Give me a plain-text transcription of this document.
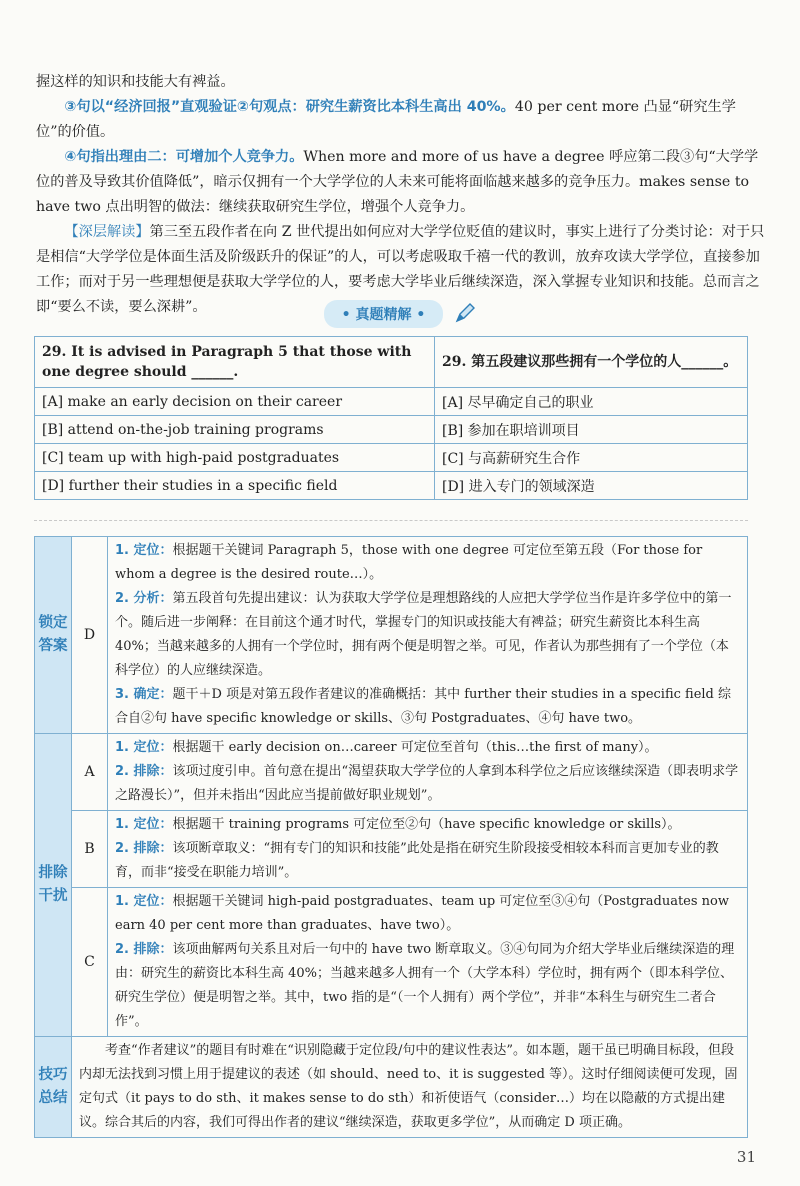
握这样的知识和技能大有裨益。

③句以“经济回报”直观验证②句观点：研究生薪资比本科生高出 40%。40 per cent more 凸显“研究生学位”的价值。

④句指出理由二：可增加个人竞争力。When more and more of us have a degree 呼应第二段③句“大学学位的普及导致其价值降低”，暗示仅拥有一个大学学位的人未来可能将面临越来越多的竞争压力。makes sense to have two 点出明智的做法：继续获取研究生学位，增强个人竞争力。

【深层解读】第三至五段作者在向 Z 世代提出如何应对大学学位贬值的建议时，事实上进行了分类讨论：对于只是相信“大学学位是体面生活及阶级跃升的保证”的人，可以考虑吸取千禧一代的教训，放弃攻读大学学位，直接参加工作；而对于另一些理想便是获取大学学位的人，要考虑大学毕业后继续深造，深入掌握专业知识和技能。总而言之即“要么不读，要么深耕”。	• 真题精解 •
29. It is advised in Paragraph 5 that those with one degree should ______.	29. 第五段建议那些拥有一个学位的人______。
[A] make an early decision on their career	[A] 尽早确定自己的职业
[B] attend on-the-job training programs	[B] 参加在职培训项目
[C] team up with high-paid postgraduates	[C] 与高薪研究生合作
[D] further their studies in a specific field	[D] 进入专门的领域深造
锁定答案	D	1. 定位：根据题干关键词 Paragraph 5，those with one degree 可定位至第五段（For those for whom a degree is the desired route…）。

2. 分析：第五段首句先提出建议：认为获取大学学位是理想路线的人应把大学学位当作是许多学位中的第一个。随后进一步阐释：在目前这个通才时代，掌握专门的知识或技能大有裨益；研究生薪资比本科生高 40%；当越来越多的人拥有一个学位时，拥有两个便是明智之举。可见，作者认为那些拥有了一个学位（本科学位）的人应继续深造。

3. 确定：题干＋D 项是对第五段作者建议的准确概括：其中 further their studies in a specific field 综合自②句 have specific knowledge or skills、③句 Postgraduates、④句 have two。

排除干扰	A	1. 定位：根据题干 early decision on…career 可定位至首句（this…the first of many）。

2. 排除：该项过度引申。首句意在提出“渴望获取大学学位的人拿到本科学位之后应该继续深造（即表明求学之路漫长）”，但并未指出“因此应当提前做好职业规划”。

	B	1. 定位：根据题干 training programs 可定位至②句（have specific knowledge or skills）。

2. 排除：该项断章取义：“拥有专门的知识和技能”此处是指在研究生阶段接受相较本科而言更加专业的教育，而非“接受在职能力培训”。

	C	1. 定位：根据题干关键词 high-paid postgraduates、team up 可定位至③④句（Postgraduates now earn 40 per cent more than graduates、have two）。

2. 排除：该项曲解两句关系且对后一句中的 have two 断章取义。③④句同为介绍大学毕业后继续深造的理由：研究生的薪资比本科生高 40%；当越来越多人拥有一个（大学本科）学位时，拥有两个（即本科学位、研究生学位）便是明智之举。其中，two 指的是“（一个人拥有）两个学位”，并非“本科生与研究生二者合作”。

技巧总结	考查“作者建议”的题目有时难在“识别隐藏于定位段/句中的建议性表达”。如本题，题干虽已明确目标段，但段内却无法找到习惯上用于提建议的表述（如 should、need to、it is suggested 等）。这时仔细阅读便可发现，固定句式（it pays to do sth、it makes sense to do sth）和祈使语气（consider…）均在以隐蔽的方式提出建议。综合其后的内容，我们可得出作者的建议“继续深造，获取更多学位”，从而确定 D 项正确。	

31
